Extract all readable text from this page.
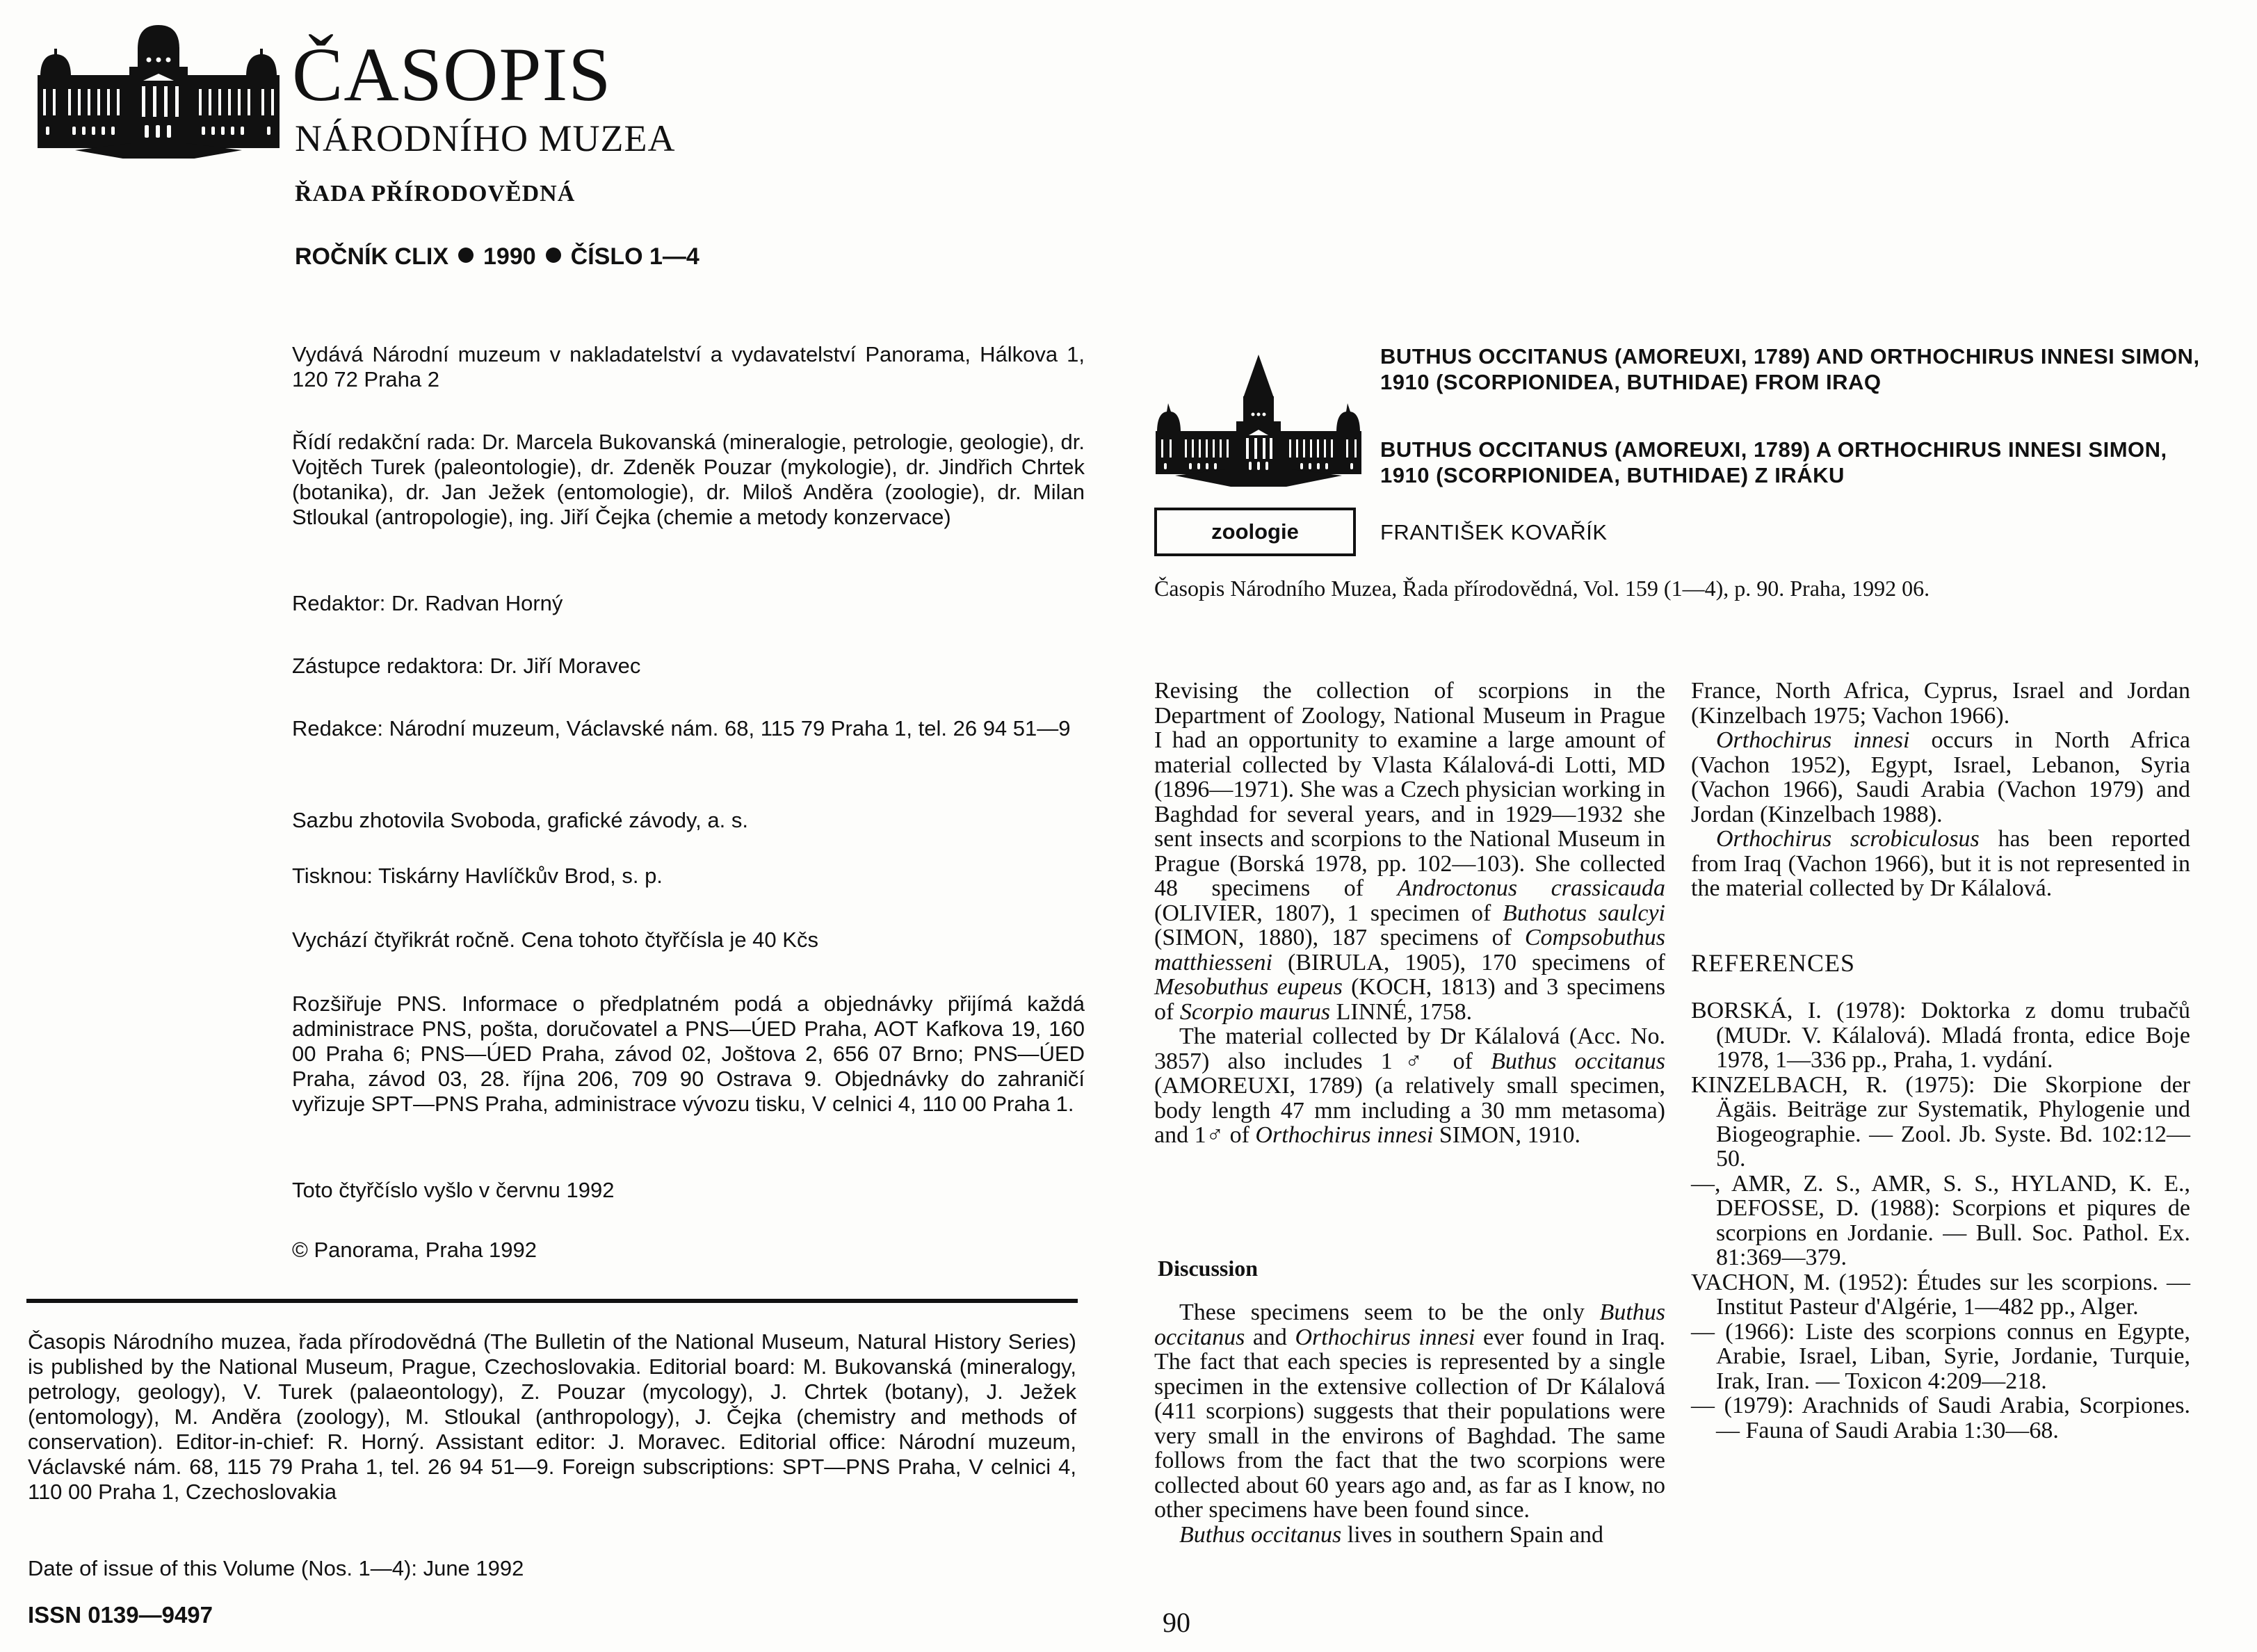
ČASOPIS
NÁRODNÍHO MUZEA
ŘADA PŘÍRODOVĚDNÁ
ROČNÍK CLIX 1990 ČÍSLO 1—4
Vydává Národní muzeum v nakladatelství a vydavatelství Panorama, Hálkova 1, 120 72 Praha 2
Řídí redakční rada: Dr. Marcela Bukovanská (mineralogie, petrologie, geologie), dr. Vojtěch Turek (paleontologie), dr. Zdeněk Pouzar (mykologie), dr. Jindřich Chrtek (botanika), dr. Jan Ježek (entomologie), dr. Miloš Anděra (zoologie), dr. Milan Stloukal (antropologie), ing. Jiří Čejka (chemie a metody konzervace)
Redaktor: Dr. Radvan Horný
Zástupce redaktora: Dr. Jiří Moravec
Redakce: Národní muzeum, Václavské nám. 68, 115 79 Praha 1, tel. 26 94 51—9
Sazbu zhotovila Svoboda, grafické závody, a. s.
Tisknou: Tiskárny Havlíčkův Brod, s. p.
Vychází čtyřikrát ročně. Cena tohoto čtyřčísla je 40 Kčs
Rozšiřuje PNS. Informace o předplatném podá a objednávky přijímá každá administrace PNS, pošta, doručovatel a PNS—ÚED Praha, AOT Kafkova 19, 160 00 Praha 6; PNS—ÚED Praha, závod 02, Joštova 2, 656 07 Brno; PNS—ÚED Praha, závod 03, 28. října 206, 709 90 Ostrava 9. Objednávky do zahraničí vyřizuje SPT—PNS Praha, administrace vývozu tisku, V celnici 4, 110 00 Praha 1.
Toto čtyřčíslo vyšlo v červnu 1992
© Panorama, Praha 1992
Časopis Národního muzea, řada přírodovědná (The Bulletin of the National Museum, Natural History Series) is published by the National Museum, Prague, Czechoslovakia. Editorial board: M. Bukovanská (mineralogy, petrology, geology), V. Turek (palaeontology), Z. Pouzar (mycology), J. Chrtek (botany), J. Ježek (entomology), M. Anděra (zoology), M. Stloukal (anthropology), J. Čejka (chemistry and methods of conservation). Editor-in-chief: R. Horný. Assistant editor: J. Moravec. Editorial office: Národní muzeum, Václavské nám. 68, 115 79 Praha 1, tel. 26 94 51—9. Foreign subscriptions: SPT—PNS Praha, V celnici 4, 110 00 Praha 1, Czechoslovakia
Date of issue of this Volume (Nos. 1—4): June 1992
ISSN 0139—9497
BUTHUS OCCITANUS (AMOREUXI, 1789) AND ORTHOCHIRUS INNESI SIMON, 1910 (SCORPIONIDEA, BUTHIDAE) FROM IRAQ
BUTHUS OCCITANUS (AMOREUXI, 1789) A ORTHOCHIRUS INNESI SIMON, 1910 (SCORPIONIDEA, BUTHIDAE) Z IRÁKU
zoologie	FRANTIŠEK KOVAŘÍK
Časopis Národního Muzea, Řada přírodovědná, Vol. 159 (1—4), p. 90. Praha, 1992 06.

Revising the collection of scorpions in the Department of Zoology, National Museum in Prague I had an opportunity to examine a large amount of material collected by Vlasta Kálalová-di Lotti, MD (1896—1971). She was a Czech physician working in Baghdad for several years, and in 1929—1932 she sent insects and scorpions to the National Museum in Prague (Borská 1978, pp. 102—103). She collected 48 specimens of Androctonus crassicauda (OLIVIER, 1807), 1 specimen of Buthotus saulcyi (SIMON, 1880), 187 specimens of Compsobuthus matthiesseni (BIRULA, 1905), 170 specimens of Mesobuthus eupeus (KOCH, 1813) and 3 specimens of Scorpio maurus LINNÉ, 1758.

The material collected by Dr Kálalová (Acc. No. 3857) also includes 1♂ of Buthus occitanus (AMOREUXI, 1789) (a relatively small specimen, body length 47 mm including a 30 mm metasoma) and 1♂ of Orthochirus innesi SIMON, 1910.

Discussion

These specimens seem to be the only Buthus occitanus and Orthochirus innesi ever found in Iraq. The fact that each species is represented by a single specimen in the extensive collection of Dr Kálalová (411 scorpions) suggests that their populations were very small in the environs of Baghdad. The same follows from the fact that the two scorpions were collected about 60 years ago and, as far as I know, no other specimens have been found since.

Buthus occitanus lives in southern Spain and

France, North Africa, Cyprus, Israel and Jordan (Kinzelbach 1975; Vachon 1966).

Orthochirus innesi occurs in North Africa (Vachon 1952), Egypt, Israel, Lebanon, Syria (Vachon 1966), Saudi Arabia (Vachon 1979) and Jordan (Kinzelbach 1988).

Orthochirus scrobiculosus has been reported from Iraq (Vachon 1966), but it is not represented in the material collected by Dr Kálalová.

REFERENCES

BORSKÁ, I. (1978): Doktorka z domu trubačů (MUDr. V. Kálalová). Mladá fronta, edice Boje 1978, 1—336 pp., Praha, 1. vydání.

KINZELBACH, R. (1975): Die Skorpione der Ägäis. Beiträge zur Systematik, Phylogenie und Biogeographie. — Zool. Jb. Syste. Bd. 102:12—50.

—, AMR, Z. S., AMR, S. S., HYLAND, K. E., DEFOSSE, D. (1988): Scorpions et piqures de scorpions en Jordanie. — Bull. Soc. Pathol. Ex. 81:369—379.

VACHON, M. (1952): Études sur les scorpions. — Institut Pasteur d'Algérie, 1—482 pp., Alger.

— (1966): Liste des scorpions connus en Egypte, Arabie, Israel, Liban, Syrie, Jordanie, Turquie, Irak, Iran. — Toxicon 4:209—218.

— (1979): Arachnids of Saudi Arabia, Scorpiones. — Fauna of Saudi Arabia 1:30—68.

90
